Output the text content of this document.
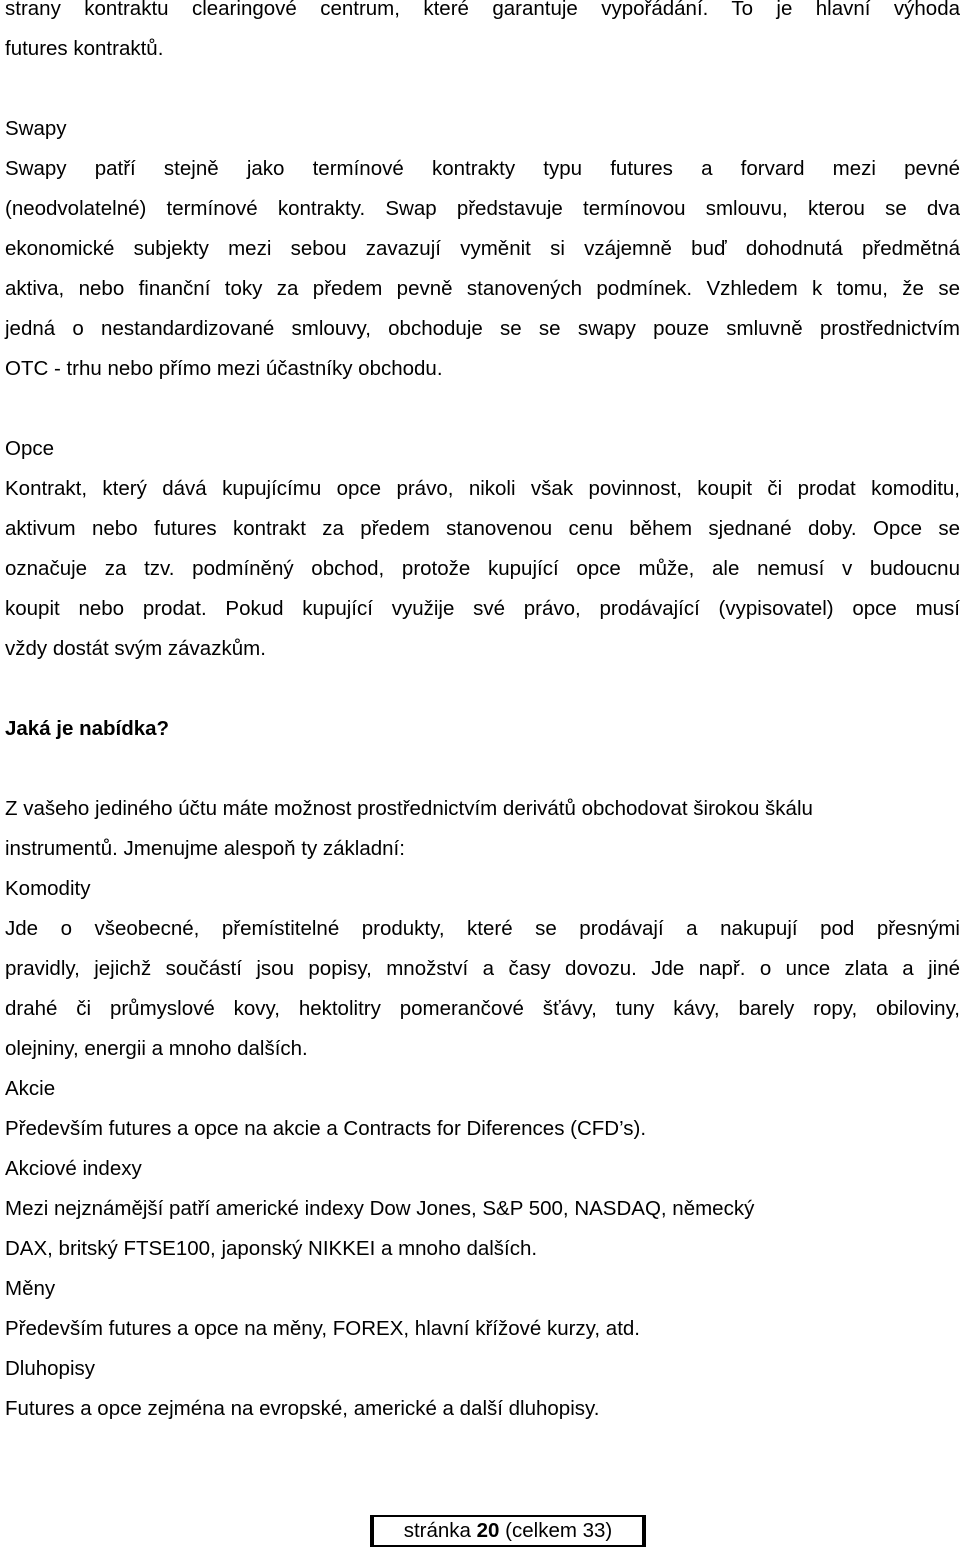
strany kontraktu clearingové centrum, které garantuje vypořádání. To je hlavní výhoda
futures kontraktů.
Swapy
Swapy patří stejně jako termínové kontrakty typu futures a forvard mezi pevné
(neodvolatelné) termínové kontrakty. Swap představuje termínovou smlouvu, kterou se dva
ekonomické subjekty mezi sebou zavazují vyměnit si vzájemně buď dohodnutá předmětná
aktiva, nebo finanční toky za předem pevně stanovených podmínek. Vzhledem k tomu, že se
jedná o nestandardizované smlouvy, obchoduje se se swapy pouze smluvně prostřednictvím
OTC - trhu nebo přímo mezi účastníky obchodu.
Opce
Kontrakt, který dává kupujícímu opce právo, nikoli však povinnost, koupit či prodat komoditu,
aktivum nebo futures kontrakt za předem stanovenou cenu během sjednané doby. Opce se
označuje za tzv. podmíněný obchod, protože kupující opce může, ale nemusí v budoucnu
koupit nebo prodat. Pokud kupující využije své právo, prodávající (vypisovatel) opce musí
vždy dostát svým závazkům.
Jaká je nabídka?
Z vašeho jediného účtu máte možnost prostřednictvím derivátů obchodovat širokou škálu
instrumentů. Jmenujme alespoň ty základní:
Komodity
Jde o všeobecné, přemístitelné produkty, které se prodávají a nakupují pod přesnými
pravidly, jejichž součástí jsou popisy, množství a časy dovozu. Jde např. o unce zlata a jiné
drahé či průmyslové kovy, hektolitry pomerančové šťávy, tuny kávy, barely ropy, obiloviny,
olejniny, energii a mnoho dalších.
Akcie
Především futures a opce na akcie a Contracts for Diferences (CFD’s).
Akciové indexy
Mezi nejznámější patří americké indexy Dow Jones, S&P 500, NASDAQ, německý
DAX, britský FTSE100, japonský NIKKEI a mnoho dalších.
Měny
Především futures a opce na měny, FOREX, hlavní křížové kurzy, atd.
Dluhopisy
Futures a opce zejména na evropské, americké a další dluhopisy.
stránka 20 (celkem 33)
